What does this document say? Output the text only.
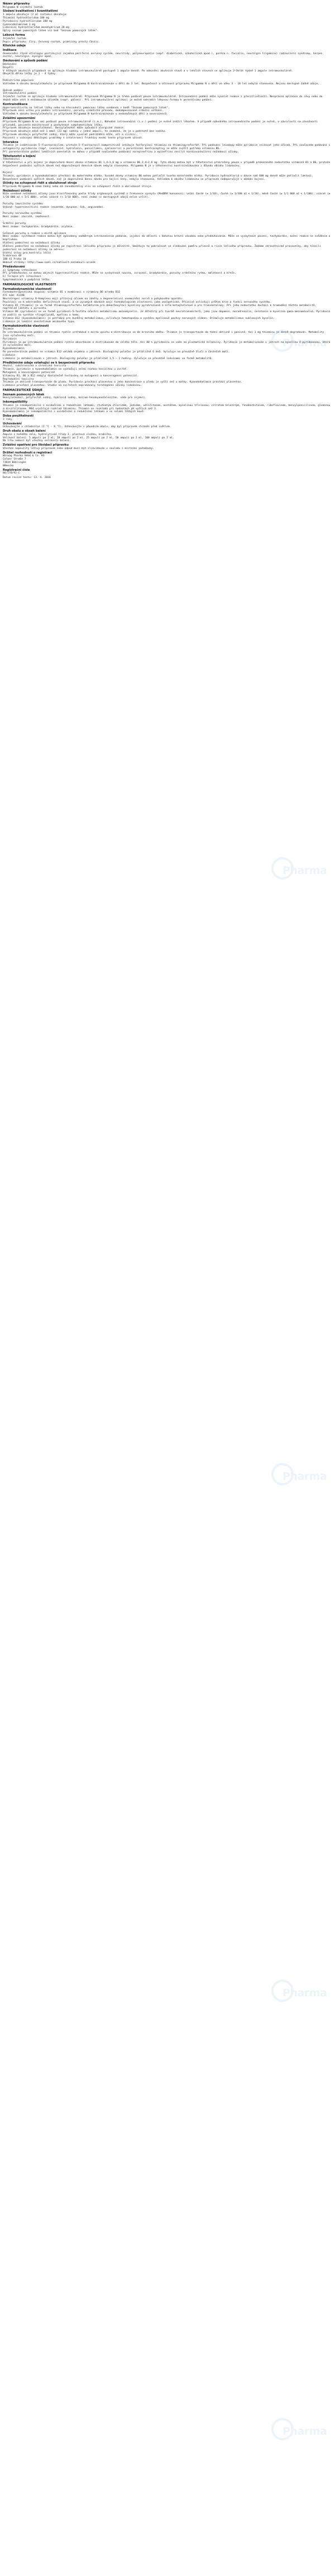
Název přípravku
Milgamma N injekční roztok
Složení kvalitativní i kvantitativní
1 ampule obsahuje (2 ml roztoku) obsahuje:
Thiamini hydrochloridum 100 mg
Pyridoxini hydrochloridum 100 mg
Cyanocobalaminum 1 mg
Lidocaini hydrochloridum monohydricum 20 mg
Úplný seznam pomocných látek viz bod "Seznam pomocných látek".
Léková forma
Injekční roztok.
Popis přípravku: čirý, červený roztok, prakticky prostý částic.
Klinické údaje
Indikace
Onemocnění různé etiologie postihující zejména periferní nervový systém, neuritidy, polyneuropatie (např. diabetická, alkoholická apod.), paréza n. facialis, neuralgie trigeminu) radikulární syndromy, herpes zoster, neuralgie, myalgie apod.
Dávkování a způsob podání
Dávkování
Dospělí
V těžkých akutních případech se aplikuje hluboko intramuskulárně postupně 1 ampule denně. Po odeznění akutních stavů a v lehčích stavech se aplikuje 2–3krát týdně 1 ampule intramuskulárně.
Obvyklá délka léčby je 1 - 4 týdny.

Pediatrická populace
Vzhledem k obsahu benzylalkoholu je přípravek Milgamma N kontraindikován u dětí do 3 let. Bezpečnost a účinnost přípravku Milgamma N u dětí ve věku 3 - 18 let nebyla stanovena. Nejsou dostupné žádné údaje.

Způsob podání
Intramuskulární podání
Injekční roztok se aplikuje hluboko intramuskulárně. Přípravek Milgamma N je třeba podávat pouze intramuskulárně. Intravenózní podání může vyvolat reakce z přecitlivělosti. Nesprávná aplikace do cévy nebo do tkáně může vést k nežádoucím účinkům (např. pálení). Při intramuskulární aplikaci je možné nahradit lékovou formou k perorálnímu podání.
Kontraindikace
Hypersenzitivita na léčivé látky nebo na kteroukoli pomocnou látku uvedenou v bodě "Seznam pomocných látek".
Přípravek není určen pro podání intravenózní, poruchy srdečního převodu, dekompenzované srdeční selhání.
Vzhledem k obsahu benzylalkoholu je přípravek Milgamma N kontraindikován u nedonošených dětí a novorozenců.
Zvláštní upozornění
Přípravek Milgamma N se smí podávat pouze intramuskulárně (i.m.). Náhodné intravenózní (i.v.) podání je nutné zvážit lékařem. V případě náhodného intravenózního podání je nutné, v závislosti na závažnosti příznaků, pacienta monitorovat a poskytnout symptomatickou léčbu.
Přípravek obsahuje benzylalkohol. Benzylalkohol může způsobit alergické reakce.
Přípravek obsahuje méně než 1 mmol (23 mg) sodíku v jedné ampuli, to znamená, že je v podstatě bez sodíku.
Přípravek obsahuje polyfosfát sodný, který může vyvolat podráždění kůže, očí a sliznic.
Pacienti s vzácnými dědičnými problémy s intolerancí fruktózy nesmí tento přípravek užívat.
Interakce
Thiamin je inaktivován 5-fluorouracilem, protože 5-fluorouracil kompetitivně inhibuje fosforylaci thiaminu na thiaminpyrofosfát. Při podávání levodopy může pyridoxin snižovat jeho účinek. Při současném podávání s antagonisty pyridoxinu (např. isoniazid, hydralazin, penicilamin, cykloserin) a perorálními kontraceptivy se může zvýšit potřeba vitaminu B6.
Při parenterálním podání lokálních anestetik se mohou v případě současného podávání norepinefrinu a epinefrinu zesílit kardiovaskulární nežádoucí účinky.
Těhotenství a kojení
Těhotenství
V těhotenství a při kojení je doporučená denní dávka vitaminu B1 1,4–1,6 mg a vitaminu B6 2,4–2,6 mg. Tyto dávky mohou být v těhotenství překročeny pouze v případě prokázaného nedostatku vitaminů B1 a B6, protože bezpečnost podávání vyšších dávek než doporučených denních dávek nebyla stanovena. Milgamma N je v těhotenství kontraindikována z důvodu obsahu lidokainu.

Kojení
Thiamin, pyridoxin a kyanokobalamin přechází do mateřského mléka. Vysoké dávky vitaminu B6 mohou potlačit tvorbu mateřského mléka. Pyridoxin hydrochlorid v dávce nad 600 mg denně může potlačit laktaci.
Bezpečnost podávání vyšších dávek, než je doporučená denní dávka pro kojící ženy, nebyla stanovena. Vzhledem k obsahu lidokainu se přípravek nedoporučuje v období kojení.
Účinky na schopnost řídit a obsluhovat stroje
Přípravek Milgamma N nemá žádný nebo má zanedbatelný vliv na schopnost řídit a obsluhovat stroje.
Nežádoucí účinky
Níže uvedené nežádoucí účinky jsou klasifikovány podle třídy orgánových systémů a frekvence výskytu (MedDRA konvence): velmi časté (≥ 1/10), časté (≥ 1/100 až < 1/10), méně časté (≥ 1/1 000 až < 1/100), vzácné (≥ 1/10 000 až < 1/1 000), velmi vzácné (< 1/10 000), není známo (z dostupných údajů nelze určit).

Poruchy imunitního systému
Vzácné: hypersenzitivní reakce (exantém, dyspnoe, šok, angioedém).

Poruchy nervového systému
Není známo: závratě, zmatenost.

Srdeční poruchy
Není známo: tachykardie, bradykardie, arytmie.

Celkové poruchy a reakce v místě aplikace
Není známo: systémové reakce mohou být způsobeny nadměrným intravenózním podáním, injekcí do oblasti s bohatou krevní zásobou nebo předávkováním. Může se vyskytnout pocení, tachykardie, kožní reakce se svěděním a kopřivkou.
Hlášení podezření na nežádoucí účinky
Hlášení podezření na nežádoucí účinky po registraci léčivého přípravku je důležité. Umožňuje to pokračovat ve sledování poměru přínosů a rizik léčivého přípravku. Žádáme zdravotnické pracovníky, aby hlásili podezření na nežádoucí účinky na adresu:
Státní ústav pro kontrolu léčiv
Šrobárova 48
100 41 Praha 10
Webové stránky: http://www.sukl.cz/nahlasit-nezadouci-ucinek
Předávkování
a) Symptomy intoxikace
Při předávkování se mohou objevit hypersenzitivní reakce. Může se vyskytnout nausea, zvracení, bradykardie, poruchy srdečního rytmu, malátnost a křeče.
b) Terapie při intoxikaci
Symptomatická a podpůrná léčba.
FARMAKOLOGICKÉ VLASTNOSTI
Farmakodynamické vlastnosti
Farmakoterapeutická skupina: vitamin B1 v kombinaci s vitaminy B6 a/nebo B12
ATC kód: A11DB
Neurotropní vitaminy B-komplexu mají příznivý účinek na záněty a degenerativní onemocnění nervů a pohybového aparátu.
Používají se k odstranění deficitních stavů, a ve vysokých dávkách mají farmakologické vlastnosti jako analgetické. Příznivě ovlivňují průtok krve a funkci nervového systému.
Vitamin B1 (thiamin) je ve formě thiaminpyrofosfátu kofaktorem pro dekarboxylaci kyseliny pyrohroznové a alfa-ketoglutarové a pro transketolázy. Při jeho nedostatku dochází k hromadění těchto metabolitů, například laktátu a pyruvátu.
Vitamin B6 (pyridoxin) se ve formě pyridoxal-5-fosfátu účastní metabolismu aminokyselin. Je důležitý při tvorbě neurotransmiterů, jako jsou dopamin, noradrenalin, serotonin a kyselina gama-aminomáselná. Pyridoxin se podílí na syntéze sfingolipidů, myelinu a hemu.
Vitamin B12 (kyanokobalamin) je potřebný pro buněčný metabolismus, ovlivňuje hematopoézu a syntézu myelinové pochvy nervových vláken. Stimuluje metabolismus nukleových kyselin.
Lidokain je lokální anestetikum amidového typu.
Farmakokinetické vlastnosti
Thiamin
Po intramuskulárním podání se thiamin rychle vstřebává z místa vpichu a distribuuje se do krevního oběhu. Thiamin je transportován do tkání aktivně i pasivně. Asi 1 mg thiaminu je denně degradován. Metabolity jsou vylučovány močí.
Pyridoxin
Pyridoxin je po intramuskulárním podání rychle absorbován a distribuován do celého těla. Asi 80 % pyridoxinu se váže na plazmatické bílkoviny. Pyridoxin je metabolizován v játrech na kyselinu 4-pyridoxovou, která je vylučována močí.
Kyanokobalamin
Po parenterálním podání se vitamin B12 ukládá zejména v játrech. Biologický poločas je přibližně 6 dnů. Vylučuje se převážně žlučí a částečně močí.
Lidokain
Lidokain je metabolizován v játrech. Biologický poločas je přibližně 1,5 - 2 hodiny. Vylučuje se převážně ledvinami ve formě metabolitů.
Předklinické údaje vztahující se k bezpečnosti přípravku
Akutní, subchronická a chronická toxicita
Thiamin, pyridoxin a kyanokobalamin se vyznačují velmi nízkou toxicitou u zvířat.
Mutagenní a kancerogenní potenciál
Vitaminy B1, B6 a B12 nebyly dostatečně testovány na mutagenní a kancerogenní potenciál.
Reprodukční toxicita
Thiamin je aktivně transportován do plodu. Pyridoxin prochází placentou a jeho koncentrace u plodu je vyšší než u matky. Kyanokobalamin prochází placentou.
Lidokain prochází placentou. Studie na zvířatech neprokázaly teratogenní účinky lidokainu.
FARMACEUTICKÉ ÚDAJE
Seznam pomocných látek
Benzylalkohol, polyfosfát sodný, hydroxid sodný, kalium-hexakyanoželezitan, voda pro injekci.
Inkompatibility
Thiamin je inkompatibilní s oxidačními a redukčními látkami, rtuťnatým chloridem, jodidem, uhličitanem, acetátem, kyselinou tříslovou, citrátem železitým, fenobarbitalem, riboflavinem, benzylpenicilinem, glukózou a disiřičitanem. Měď urychluje rozklad thiaminu. Thiamin se rozkládá při hodnotách pH vyšších než 3.
Kyanokobalamin je inkompatibilní s oxidačními a redukčními látkami a se solemi těžkých kovů.
Doba použitelnosti
3 roky.
Uchovávání
Uchovávejte v chladničce (2 °C - 8 °C). Uchovávejte v původním obalu, aby byl přípravek chráněn před světlem.
Druh obalu a obsah balení
Ampule z hnědého skla, hydrolytické třídy I, plastová vložka, krabička.
Velikost balení: 5 ampulí po 2 ml, 10 ampulí po 2 ml, 25 ampulí po 2 ml, 50 ampulí po 2 ml, 100 ampulí po 2 ml.
Na trhu nemusí být všechny velikosti balení.
Zvláštní opatření pro likvidaci přípravku
Všechen nepoužitý léčivý přípravek nebo odpad musí být zlikvidován v souladu s místními požadavky.
Držitel rozhodnutí o registraci
Wörwag Pharma GmbH & Co. KG
Calwer Straße 7
71034 Böblingen
Německo
Registrační číslo
86/170/92-C
Datum revize textu: 13. 4. 2016
Pharma
Pharma
Pharma
Pharma
Pharma
